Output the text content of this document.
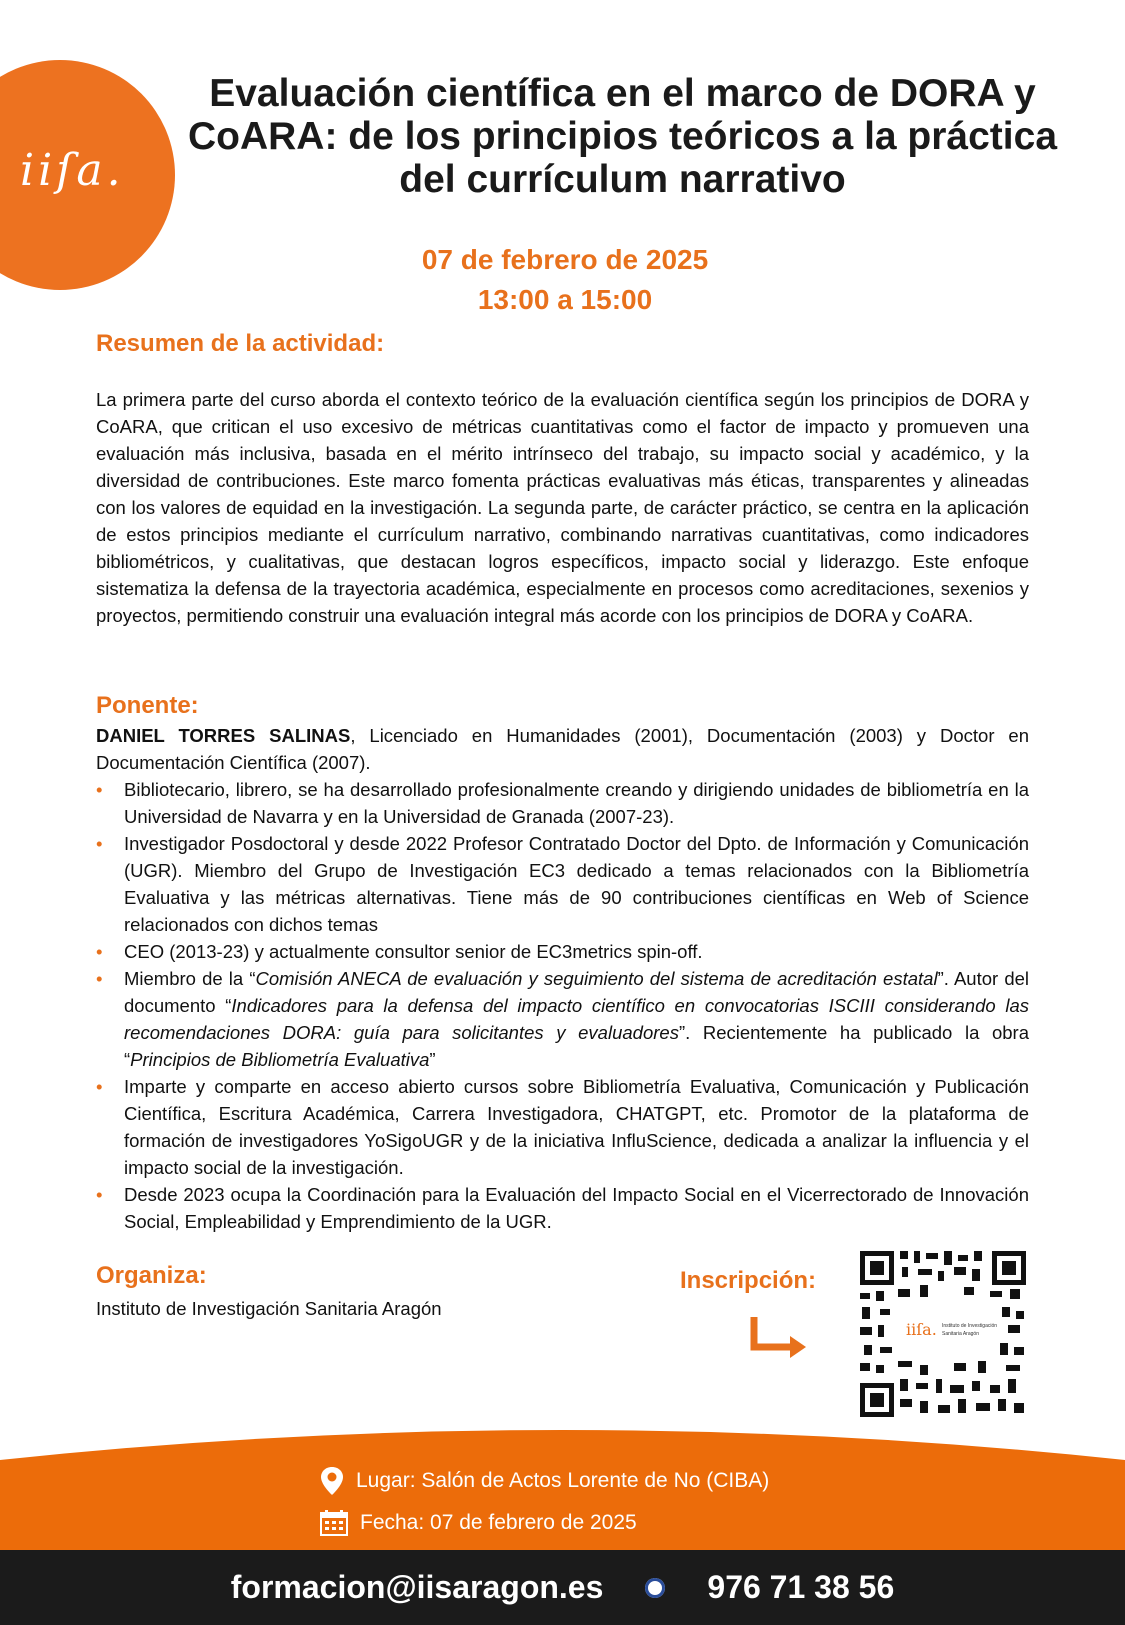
iiſa.
Evaluación científica en el marco de DORA y CoARA: de los principios teóricos a la práctica del currículum narrativo
07 de febrero de 2025
13:00 a 15:00
Resumen de la actividad:

La primera parte del curso aborda el contexto teórico de la evaluación científica según los principios de DORA y CoARA, que critican el uso excesivo de métricas cuantitativas como el factor de impacto y promueven una evaluación más inclusiva, basada en el mérito intrínseco del trabajo, su impacto social y académico, y la diversidad de contribuciones. Este marco fomenta prácticas evaluativas más éticas, transparentes y alineadas con los valores de equidad en la investigación. La segunda parte, de carácter práctico, se centra en la aplicación de estos principios mediante el currículum narrativo, combinando narrativas cuantitativas, como indicadores bibliométricos, y cualitativas, que destacan logros específicos, impacto social y liderazgo. Este enfoque sistematiza la defensa de la trayectoria académica, especialmente en procesos como acreditaciones, sexenios y proyectos, permitiendo construir una evaluación integral más acorde con los principios de DORA y CoARA.

Ponente:

DANIEL TORRES SALINAS, Licenciado en Humanidades (2001), Documentación (2003) y Doctor en Documentación Científica (2007).

• Bibliotecario, librero, se ha desarrollado profesionalmente creando y dirigiendo unidades de bibliometría en la Universidad de Navarra y en la Universidad de Granada (2007-23).
• Investigador Posdoctoral y desde 2022 Profesor Contratado Doctor del Dpto. de Información y Comunicación (UGR). Miembro del Grupo de Investigación EC3 dedicado a temas relacionados con la Bibliometría Evaluativa y las métricas alternativas. Tiene más de 90 contribuciones científicas en Web of Science relacionados con dichos temas
• CEO (2013-23) y actualmente consultor senior de EC3metrics spin-off.
• Miembro de la “Comisión ANECA de evaluación y seguimiento del sistema de acreditación estatal”. Autor del documento “Indicadores para la defensa del impacto científico en convocatorias ISCIII considerando las recomendaciones DORA: guía para solicitantes y evaluadores”. Recientemente ha publicado la obra “Principios de Bibliometría Evaluativa”
• Imparte y comparte en acceso abierto cursos sobre Bibliometría Evaluativa, Comunicación y Publicación Científica, Escritura Académica, Carrera Investigadora, CHATGPT, etc. Promotor de la plataforma de formación de investigadores YoSigoUGR y de la iniciativa InfluScience, dedicada a analizar la influencia y el impacto social de la investigación.
• Desde 2023 ocupa la Coordinación para la Evaluación del Impacto Social en el Vicerrectorado de Innovación Social, Empleabilidad y Emprendimiento de la UGR.
Organiza:
Instituto de Investigación Sanitaria Aragón
Inscripción:
iiſa. Instituto de Investigación
Sanitaria Aragón
Lugar: Salón de Actos Lorente de No (CIBA)
Fecha: 07 de febrero de 2025
formacion@iisaragon.es	976 71 38 56
